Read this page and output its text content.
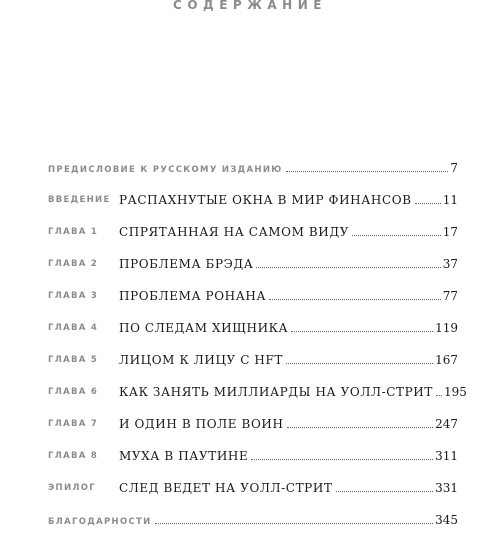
СОДЕРЖАНИЕ
ПРЕДИСЛОВИЕ К РУССКОМУ ИЗДАНИЮ	7
ВВЕДЕНИЕ РАСПАХНУТЫЕ ОКНА В МИР ФИНАНСОВ	11
ГЛАВА 1 СПРЯТАННАЯ НА САМОМ ВИДУ	17
ГЛАВА 2 ПРОБЛЕМА БРЭДА	37
ГЛАВА 3 ПРОБЛЕМА РОНАНА	77
ГЛАВА 4 ПО СЛЕДАМ ХИЩНИКА	119
ГЛАВА 5 ЛИЦОМ К ЛИЦУ С HFT	167
ГЛАВА 6 КАК ЗАНЯТЬ МИЛЛИАРДЫ НА УОЛЛ-СТРИТ 195
ГЛАВА 7 И ОДИН В ПОЛЕ ВОИН	247
ГЛАВА 8 МУХА В ПАУТИНЕ	311
ЭПИЛОГ СЛЕД ВЕДЕТ НА УОЛЛ-СТРИТ	331
БЛАГОДАРНОСТИ	345
